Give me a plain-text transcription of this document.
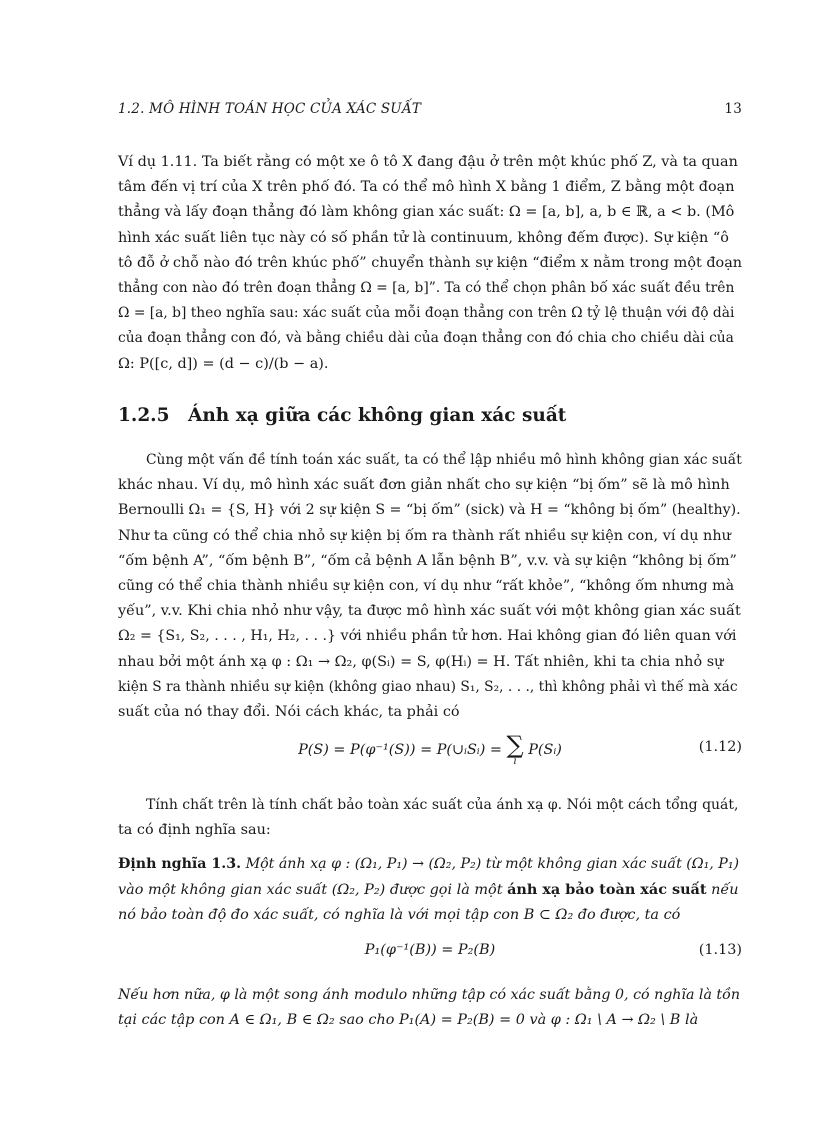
1.2. MÔ HÌNH TOÁN HỌC CỦA XÁC SUẤT	13
Ví dụ 1.11. Ta biết rằng có một xe ô tô X đang đậu ở trên một khúc phố Z, và ta quan
tâm đến vị trí của X trên phố đó. Ta có thể mô hình X bằng 1 điểm, Z bằng một đoạn
thẳng và lấy đoạn thẳng đó làm không gian xác suất: Ω = [a, b], a, b ∈ ℝ, a < b. (Mô
hình xác suất liên tục này có số phần tử là continuum, không đếm được). Sự kiện “ô
tô đỗ ở chỗ nào đó trên khúc phố” chuyển thành sự kiện “điểm x nằm trong một đoạn
thẳng con nào đó trên đoạn thẳng Ω = [a, b]”. Ta có thể chọn phân bố xác suất đều trên
Ω = [a, b] theo nghĩa sau: xác suất của mỗi đoạn thẳng con trên Ω tỷ lệ thuận với độ dài
của đoạn thẳng con đó, và bằng chiều dài của đoạn thẳng con đó chia cho chiều dài của
Ω: P([c, d]) = (d − c)/(b − a).
1.2.5 Ánh xạ giữa các không gian xác suất
Cùng một vấn đề tính toán xác suất, ta có thể lập nhiều mô hình không gian xác suất
khác nhau. Ví dụ, mô hình xác suất đơn giản nhất cho sự kiện “bị ốm” sẽ là mô hình
Bernoulli Ω₁ = {S, H} với 2 sự kiện S = “bị ốm” (sick) và H = “không bị ốm” (healthy).
Như ta cũng có thể chia nhỏ sự kiện bị ốm ra thành rất nhiều sự kiện con, ví dụ như
“ốm bệnh A”, “ốm bệnh B”, “ốm cả bệnh A lẫn bệnh B”, v.v. và sự kiện “không bị ốm”
cũng có thể chia thành nhiều sự kiện con, ví dụ như “rất khỏe”, “không ốm nhưng mà
yếu”, v.v. Khi chia nhỏ như vậy, ta được mô hình xác suất với một không gian xác suất
Ω₂ = {S₁, S₂, . . . , H₁, H₂, . . .} với nhiều phần tử hơn. Hai không gian đó liên quan với
nhau bởi một ánh xạ φ : Ω₁ → Ω₂, φ(Sᵢ) = S, φ(Hᵢ) = H. Tất nhiên, khi ta chia nhỏ sự
kiện S ra thành nhiều sự kiện (không giao nhau) S₁, S₂, . . ., thì không phải vì thế mà xác
suất của nó thay đổi. Nói cách khác, ta phải có
P(S) = P(φ⁻¹(S)) = P(∪ᵢSᵢ) = ∑
i
P(Sᵢ)	(1.12)
Tính chất trên là tính chất bảo toàn xác suất của ánh xạ φ. Nói một cách tổng quát,
ta có định nghĩa sau:
Định nghĩa 1.3. Một ánh xạ φ : (Ω₁, P₁) → (Ω₂, P₂) từ một không gian xác suất (Ω₁, P₁)
vào một không gian xác suất (Ω₂, P₂) được gọi là một ánh xạ bảo toàn xác suất nếu
nó bảo toàn độ đo xác suất, có nghĩa là với mọi tập con B ⊂ Ω₂ đo được, ta có
P₁(φ⁻¹(B)) = P₂(B)	(1.13)
Nếu hơn nữa, φ là một song ánh modulo những tập có xác suất bằng 0, có nghĩa là tồn
tại các tập con A ∈ Ω₁, B ∈ Ω₂ sao cho P₁(A) = P₂(B) = 0 và φ : Ω₁ \ A → Ω₂ \ B là
